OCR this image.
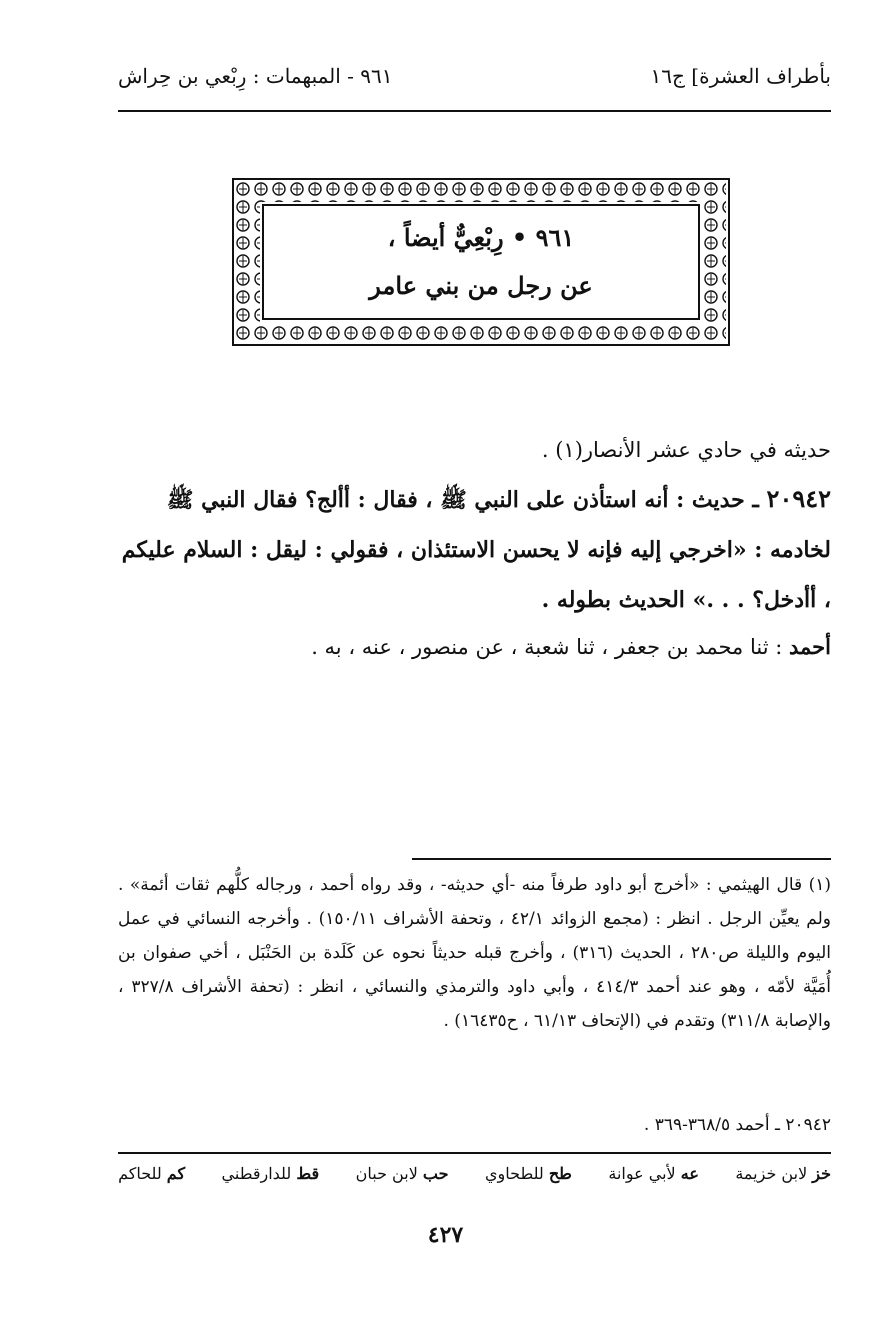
بأطراف العشرة] ج١٦
٩٦١ - المبهمات : رِبْعي بن حِراش
٩٦١ • رِبْعِيٌّ أيضاً ،
عن رجل من بني عامر
حديثه في حادي عشر الأنصار(١) .
٢٠٩٤٢ ـ حديث : أنه استأذن على النبي ﷺ ، فقال : أألج؟ فقال النبي ﷺ لخادمه : «اخرجي إليه فإنه لا يحسن الاستئذان ، فقولي : ليقل : السلام عليكم ، أأدخل؟ . . .» الحديث بطوله .
أحمد : ثنا محمد بن جعفر ، ثنا شعبة ، عن منصور ، عنه ، به .
(١) قال الهيثمي : «أخرج أبو داود طرفاً منه -أي حديثه- ، وقد رواه أحمد ، ورجاله كلُّهم ثقات أئمة» . ولم يعيِّن الرجل . انظر : (مجمع الزوائد ٤٢/١ ، وتحفة الأشراف ١٥٠/١١) . وأخرجه النسائي في عمل اليوم والليلة ص٢٨٠ ، الحديث (٣١٦) ، وأخرج قبله حديثاً نحوه عن كَلَدة بن الحَنْبَل ، أخي صفوان بن أُمَيَّة لأمّه ، وهو عند أحمد ٤١٤/٣ ، وأبي داود والترمذي والنسائي ، انظر : (تحفة الأشراف ٣٢٧/٨ ، والإصابة ٣١١/٨) وتقدم في (الإتحاف ٦١/١٣ ، ح١٦٤٣٥) .
٢٠٩٤٢ ـ أحمد ٣٦٨/٥-٣٦٩ .
خز لابن خزيمة
عه لأبي عوانة
طح للطحاوي
حب لابن حبان
قط للدارقطني
كم للحاكم
٤٢٧
